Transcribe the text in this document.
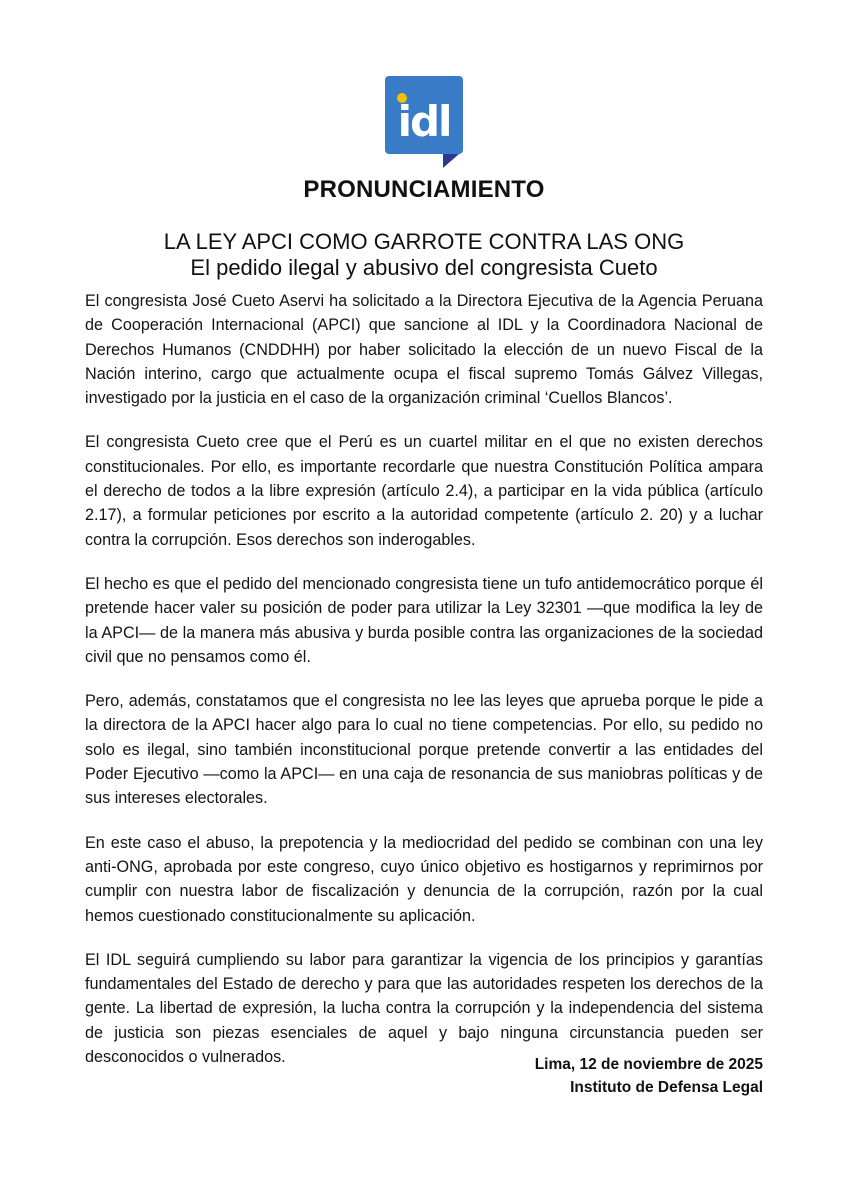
idl
PRONUNCIAMIENTO
LA LEY APCI COMO GARROTE CONTRA LAS ONG
El pedido ilegal y abusivo del congresista Cueto

El congresista José Cueto Aservi ha solicitado a la Directora Ejecutiva de la Agencia Peruana de Cooperación Internacional (APCI) que sancione al IDL y la Coordinadora Nacional de Derechos Humanos (CNDDHH) por haber solicitado la elección de un nuevo Fiscal de la Nación interino, cargo que actualmente ocupa el fiscal supremo Tomás Gálvez Villegas, investigado por la justicia en el caso de la organización criminal ‘Cuellos Blancos’.

El congresista Cueto cree que el Perú es un cuartel militar en el que no existen derechos constitucionales. Por ello, es importante recordarle que nuestra Constitución Política ampara el derecho de todos a la libre expresión (artículo 2.4), a participar en la vida pública (artículo 2.17), a formular peticiones por escrito a la autoridad competente (artículo 2. 20) y a luchar contra la corrupción. Esos derechos son inderogables.

El hecho es que el pedido del mencionado congresista tiene un tufo antidemocrático porque él pretende hacer valer su posición de poder para utilizar la Ley 32301 —que modifica la ley de la APCI— de la manera más abusiva y burda posible contra las organizaciones de la sociedad civil que no pensamos como él.

Pero, además, constatamos que el congresista no lee las leyes que aprueba porque le pide a la directora de la APCI hacer algo para lo cual no tiene competencias. Por ello, su pedido no solo es ilegal, sino también inconstitucional porque pretende convertir a las entidades del Poder Ejecutivo —como la APCI— en una caja de resonancia de sus maniobras políticas y de sus intereses electorales.

En este caso el abuso, la prepotencia y la mediocridad del pedido se combinan con una ley anti-ONG, aprobada por este congreso, cuyo único objetivo es hostigarnos y reprimirnos por cumplir con nuestra labor de fiscalización y denuncia de la corrupción, razón por la cual hemos cuestionado constitucionalmente su aplicación.

El IDL seguirá cumpliendo su labor para garantizar la vigencia de los principios y garantías fundamentales del Estado de derecho y para que las autoridades respeten los derechos de la gente. La libertad de expresión, la lucha contra la corrupción y la independencia del sistema de justicia son piezas esenciales de aquel y bajo ninguna circunstancia pueden ser desconocidos o vulnerados.	Lima, 12 de noviembre de 2025
Instituto de Defensa Legal
